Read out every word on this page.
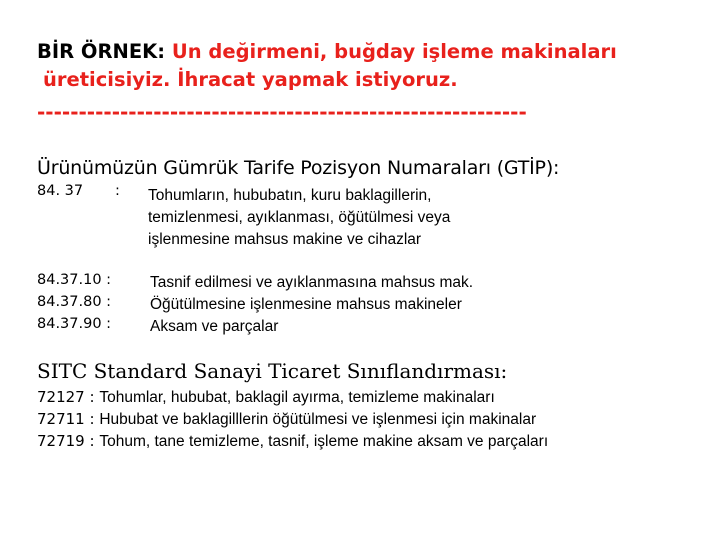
BİR ÖRNEK: Un değirmeni, buğday işleme makinaları
üreticisiyiz. İhracat yapmak istiyoruz.
-----------------------------------------------------------
Ürünümüzün Gümrük Tarife Pozisyon Numaraları (GTİP):
84. 37 : Tohumların, hububatın, kuru baklagillerin,
temizlenmesi, ayıklanması, öğütülmesi veya
işlenmesine mahsus makine ve cihazlar
84.37.10 :	Tasnif edilmesi ve ayıklanmasına mahsus mak.
84.37.80 :	Öğütülmesine işlenmesine mahsus makineler
84.37.90 :	Aksam ve parçalar
SITC Standard Sanayi Ticaret Sınıflandırması:
72127 : Tohumlar, hububat, baklagil ayırma, temizleme makinaları
72711 : Hububat ve baklagilllerin öğütülmesi ve işlenmesi için makinalar
72719 : Tohum, tane temizleme, tasnif, işleme makine aksam ve parçaları
